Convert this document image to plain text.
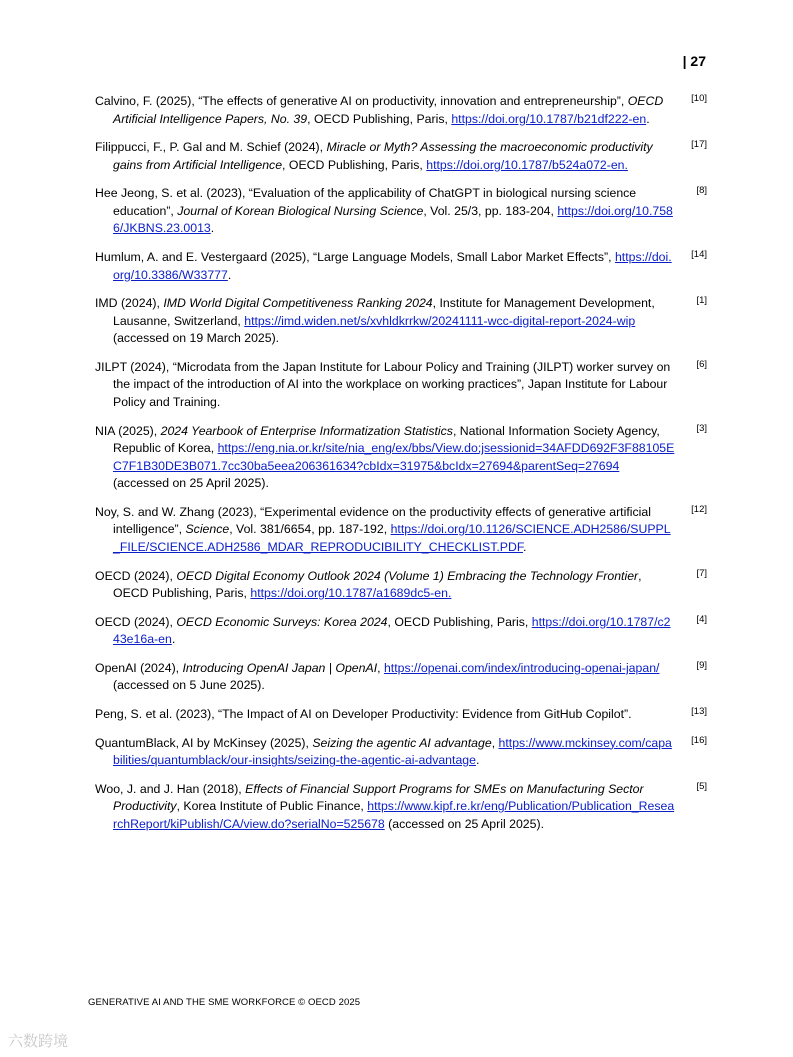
| 27
Calvino, F. (2025), “The effects of generative AI on productivity, innovation and entrepreneurship”, OECD Artificial Intelligence Papers, No. 39, OECD Publishing, Paris, https://doi.org/10.1787/b21df222-en.
[10]
Filippucci, F., P. Gal and M. Schief (2024), Miracle or Myth? Assessing the macroeconomic productivity gains from Artificial Intelligence, OECD Publishing, Paris, https://doi.org/10.1787/b524a072-en.
[17]
Hee Jeong, S. et al. (2023), “Evaluation of the applicability of ChatGPT in biological nursing science education”, Journal of Korean Biological Nursing Science, Vol. 25/3, pp. 183-204, https://doi.org/10.7586/JKBNS.23.0013.
[8]
Humlum, A. and E. Vestergaard (2025), “Large Language Models, Small Labor Market Effects”, https://doi.org/10.3386/W33777.
[14]
IMD (2024), IMD World Digital Competitiveness Ranking 2024, Institute for Management Development, Lausanne, Switzerland, https://imd.widen.net/s/xvhldkrrkw/20241111-wcc-digital-report-2024-wip (accessed on 19 March 2025).
[1]
JILPT (2024), “Microdata from the Japan Institute for Labour Policy and Training (JILPT) worker survey on the impact of the introduction of AI into the workplace on working practices”, Japan Institute for Labour Policy and Training.
[6]
NIA (2025), 2024 Yearbook of Enterprise Informatization Statistics, National Information Society Agency, Republic of Korea, https://eng.nia.or.kr/site/nia_eng/ex/bbs/View.do;jsessionid=34AFDD692F3F88105EC7F1B30DE3B071.7cc30ba5eea206361634?cbIdx=31975&bcIdx=27694&parentSeq=27694 (accessed on 25 April 2025).
[3]
Noy, S. and W. Zhang (2023), “Experimental evidence on the productivity effects of generative artificial intelligence”, Science, Vol. 381/6654, pp. 187-192, https://doi.org/10.1126/SCIENCE.ADH2586/SUPPL_FILE/SCIENCE.ADH2586_MDAR_REPRODUCIBILITY_CHECKLIST.PDF.
[12]
OECD (2024), OECD Digital Economy Outlook 2024 (Volume 1) Embracing the Technology Frontier, OECD Publishing, Paris, https://doi.org/10.1787/a1689dc5-en.
[7]
OECD (2024), OECD Economic Surveys: Korea 2024, OECD Publishing, Paris, https://doi.org/10.1787/c243e16a-en.
[4]
OpenAI (2024), Introducing OpenAI Japan | OpenAI, https://openai.com/index/introducing-openai-japan/ (accessed on 5 June 2025).
[9]
Peng, S. et al. (2023), “The Impact of AI on Developer Productivity: Evidence from GitHub Copilot”.	[13]
QuantumBlack, AI by McKinsey (2025), Seizing the agentic AI advantage, https://www.mckinsey.com/capabilities/quantumblack/our-insights/seizing-the-agentic-ai-advantage.
[16]
Woo, J. and J. Han (2018), Effects of Financial Support Programs for SMEs on Manufacturing Sector Productivity, Korea Institute of Public Finance, https://www.kipf.re.kr/eng/Publication/Publication_ResearchReport/kiPublish/CA/view.do?serialNo=525678 (accessed on 25 April 2025).
[5]
GENERATIVE AI AND THE SME WORKFORCE © OECD 2025
六数跨境
